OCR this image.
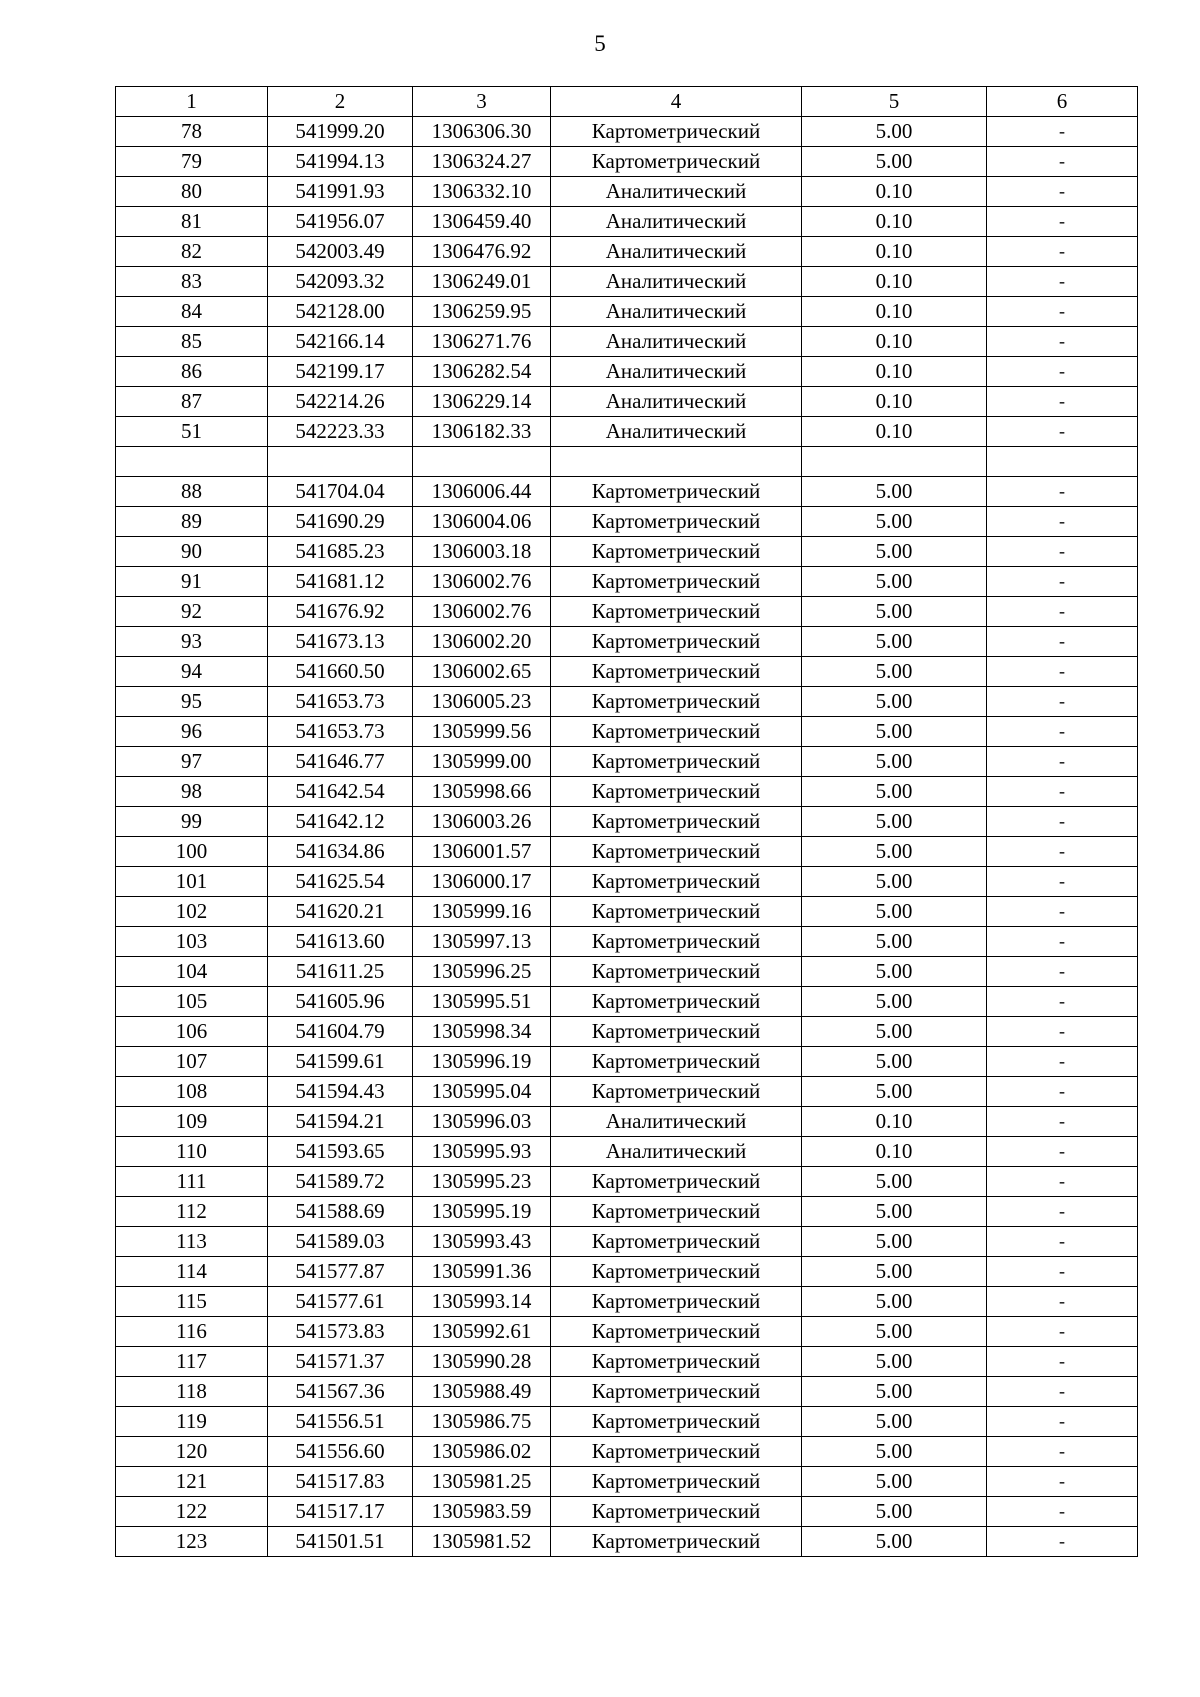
5
1	2	3	4	5	6
78	541999.20	1306306.30	Картометрический	5.00	-
79	541994.13	1306324.27	Картометрический	5.00	-
80	541991.93	1306332.10	Аналитический	0.10	-
81	541956.07	1306459.40	Аналитический	0.10	-
82	542003.49	1306476.92	Аналитический	0.10	-
83	542093.32	1306249.01	Аналитический	0.10	-
84	542128.00	1306259.95	Аналитический	0.10	-
85	542166.14	1306271.76	Аналитический	0.10	-
86	542199.17	1306282.54	Аналитический	0.10	-
87	542214.26	1306229.14	Аналитический	0.10	-
51	542223.33	1306182.33	Аналитический	0.10	-

88	541704.04	1306006.44	Картометрический	5.00	-
89	541690.29	1306004.06	Картометрический	5.00	-
90	541685.23	1306003.18	Картометрический	5.00	-
91	541681.12	1306002.76	Картометрический	5.00	-
92	541676.92	1306002.76	Картометрический	5.00	-
93	541673.13	1306002.20	Картометрический	5.00	-
94	541660.50	1306002.65	Картометрический	5.00	-
95	541653.73	1306005.23	Картометрический	5.00	-
96	541653.73	1305999.56	Картометрический	5.00	-
97	541646.77	1305999.00	Картометрический	5.00	-
98	541642.54	1305998.66	Картометрический	5.00	-
99	541642.12	1306003.26	Картометрический	5.00	-
100	541634.86	1306001.57	Картометрический	5.00	-
101	541625.54	1306000.17	Картометрический	5.00	-
102	541620.21	1305999.16	Картометрический	5.00	-
103	541613.60	1305997.13	Картометрический	5.00	-
104	541611.25	1305996.25	Картометрический	5.00	-
105	541605.96	1305995.51	Картометрический	5.00	-
106	541604.79	1305998.34	Картометрический	5.00	-
107	541599.61	1305996.19	Картометрический	5.00	-
108	541594.43	1305995.04	Картометрический	5.00	-
109	541594.21	1305996.03	Аналитический	0.10	-
110	541593.65	1305995.93	Аналитический	0.10	-
111	541589.72	1305995.23	Картометрический	5.00	-
112	541588.69	1305995.19	Картометрический	5.00	-
113	541589.03	1305993.43	Картометрический	5.00	-
114	541577.87	1305991.36	Картометрический	5.00	-
115	541577.61	1305993.14	Картометрический	5.00	-
116	541573.83	1305992.61	Картометрический	5.00	-
117	541571.37	1305990.28	Картометрический	5.00	-
118	541567.36	1305988.49	Картометрический	5.00	-
119	541556.51	1305986.75	Картометрический	5.00	-
120	541556.60	1305986.02	Картометрический	5.00	-
121	541517.83	1305981.25	Картометрический	5.00	-
122	541517.17	1305983.59	Картометрический	5.00	-
123	541501.51	1305981.52	Картометрический	5.00	-
